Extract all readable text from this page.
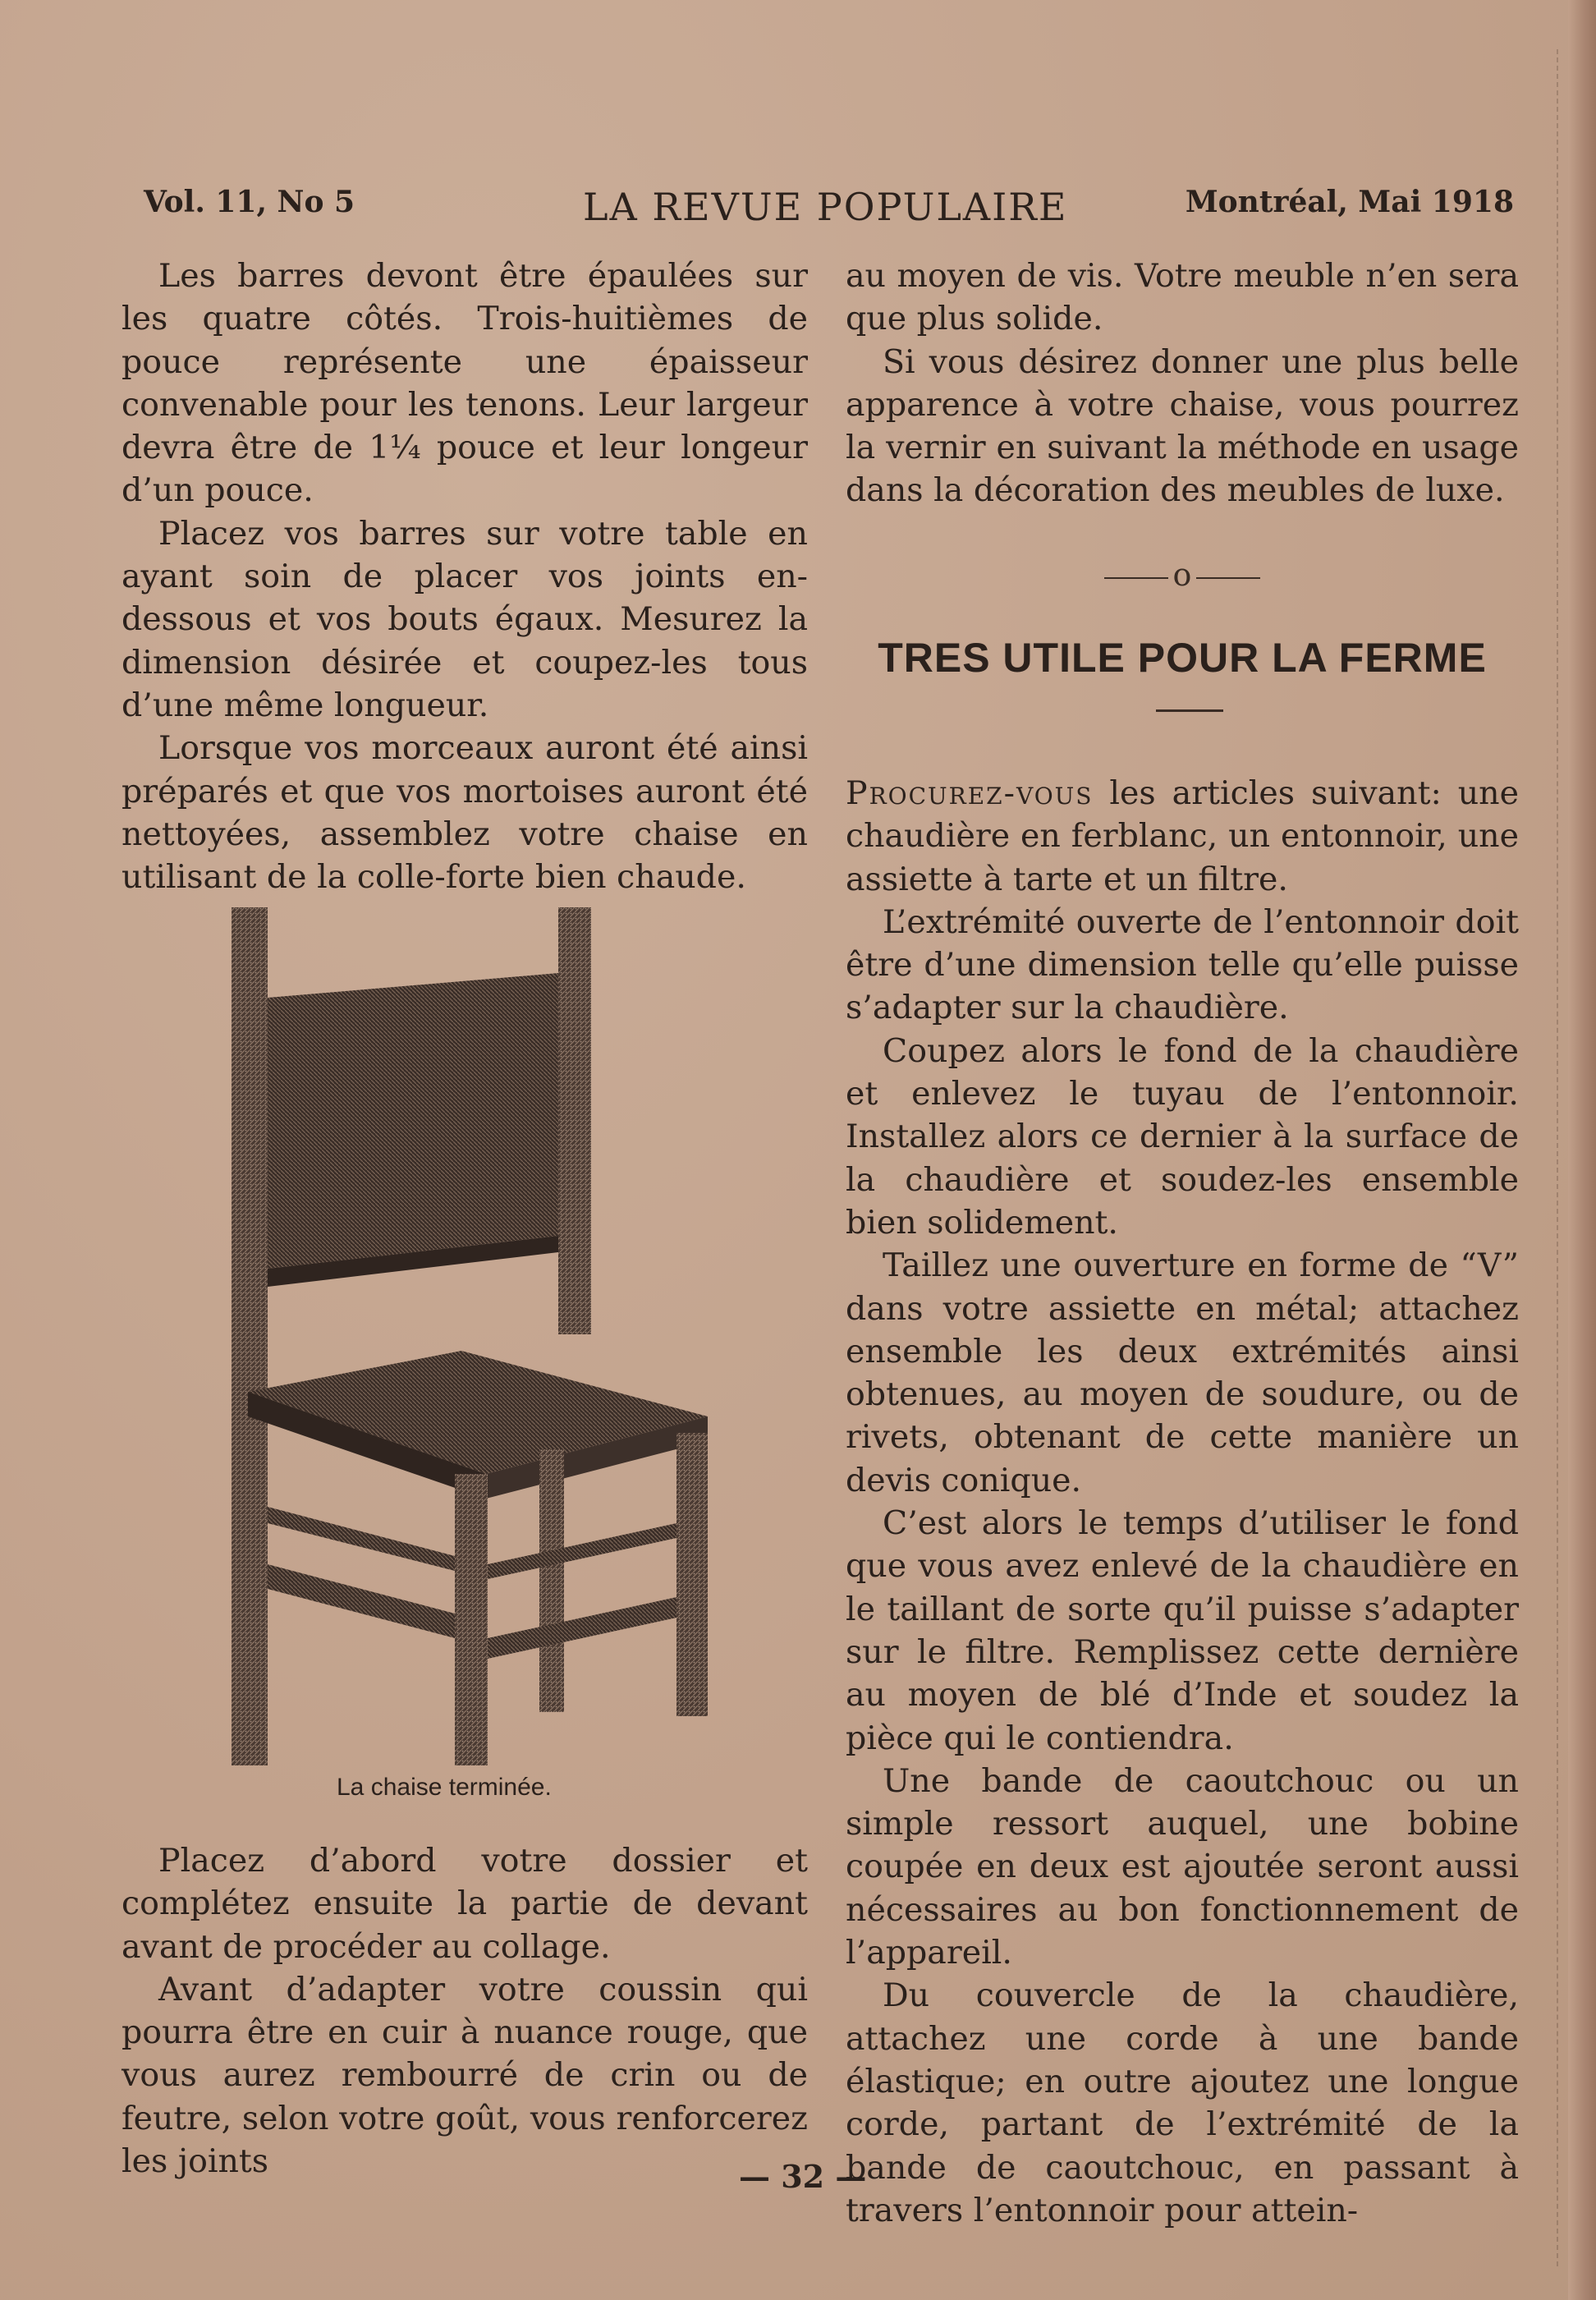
Vol. 11, No 5	LA REVUE POPULAIRE	Montréal, Mai 1918

Les barres devont être épaulées sur les quatre côtés. Trois-huitièmes de pouce représente une épaisseur convenable pour les tenons. Leur largeur devra être de 1¼ pouce et leur longeur d’un pouce.

Placez vos barres sur votre table en ayant soin de placer vos joints en-dessous et vos bouts égaux. Mesurez la dimension désirée et coupez-les tous d’une même longueur.

Lorsque vos morceaux auront été ainsi préparés et que vos mortoises auront été nettoyées, assemblez votre chaise en utilisant de la colle-forte bien chaude.

La chaise terminée.

Placez d’abord votre dossier et complétez ensuite la partie de devant avant de procéder au collage.

Avant d’adapter votre coussin qui pourra être en cuir à nuance rouge, que vous aurez rembourré de crin ou de feutre, selon votre goût, vous renforcerez les joints

au moyen de vis. Votre meuble n’en sera que plus solide.

Si vous désirez donner une plus belle apparence à votre chaise, vous pourrez la vernir en suivant la méthode en usage dans la décoration des meubles de luxe.

o
TRES UTILE POUR LA FERME

Procurez-vous les articles suivant: une chaudière en ferblanc, un entonnoir, une assiette à tarte et un filtre.

L’extrémité ouverte de l’entonnoir doit être d’une dimension telle qu’elle puisse s’adapter sur la chaudière.

Coupez alors le fond de la chaudière et enlevez le tuyau de l’entonnoir. Installez alors ce dernier à la surface de la chaudière et soudez-les ensemble bien solidement.

Taillez une ouverture en forme de “V” dans votre assiette en métal; attachez ensemble les deux extrémités ainsi obtenues, au moyen de soudure, ou de rivets, obtenant de cette manière un devis conique.

C’est alors le temps d’utiliser le fond que vous avez enlevé de la chaudière en le taillant de sorte qu’il puisse s’adapter sur le filtre. Remplissez cette dernière au moyen de blé d’Inde et soudez la pièce qui le contiendra.

Une bande de caoutchouc ou un simple ressort auquel, une bobine coupée en deux est ajoutée seront aussi nécessaires au bon fonctionnement de l’appareil.

Du couvercle de la chaudière, attachez une corde à une bande élastique; en outre ajoutez une longue corde, partant de l’extrémité de la bande de caoutchouc, en passant à travers l’entonnoir pour attein-

— 32 —
